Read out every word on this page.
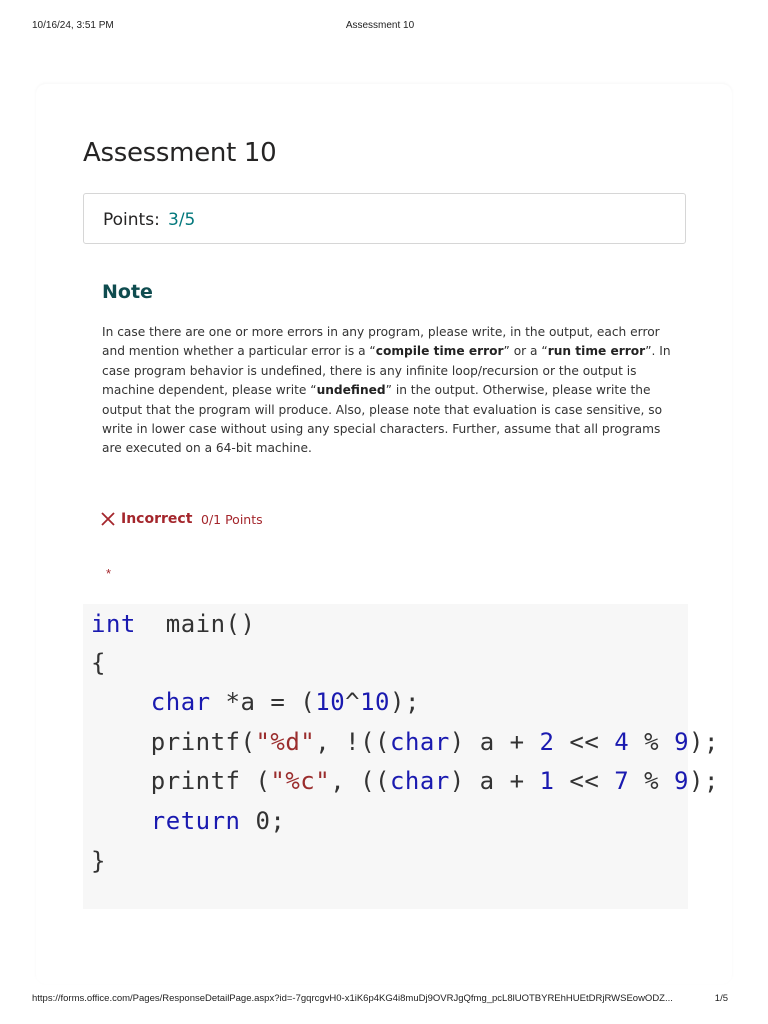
10/16/24, 3:51 PM	Assessment 10
Assessment 10
Points: 3/5
Note
In case there are one or more errors in any program, please write, in the output, each error and mention whether a particular error is a “compile time error” or a “run time error”. In case program behavior is undefined, there is any infinite loop/recursion or the output is machine dependent, please write “undefined” in the output. Otherwise, please write the output that the program will produce. Also, please note that evaluation is case sensitive, so write in lower case without using any special characters. Further, assume that all programs are executed on a 64-bit machine.
Incorrect 0/1 Points
*
int  main()
{
char *a = (10^10);
printf("%d", !((char) a + 2 << 4 % 9);
printf ("%c", ((char) a + 1 << 7 % 9);
return 0;
}
https://forms.office.com/Pages/ResponseDetailPage.aspx?id=-7gqrcgvH0-x1iK6p4KG4i8muDj9OVRJgQfmg_pcL8lUOTBYREhHUEtDRjRWSEowODZ...	1/5
